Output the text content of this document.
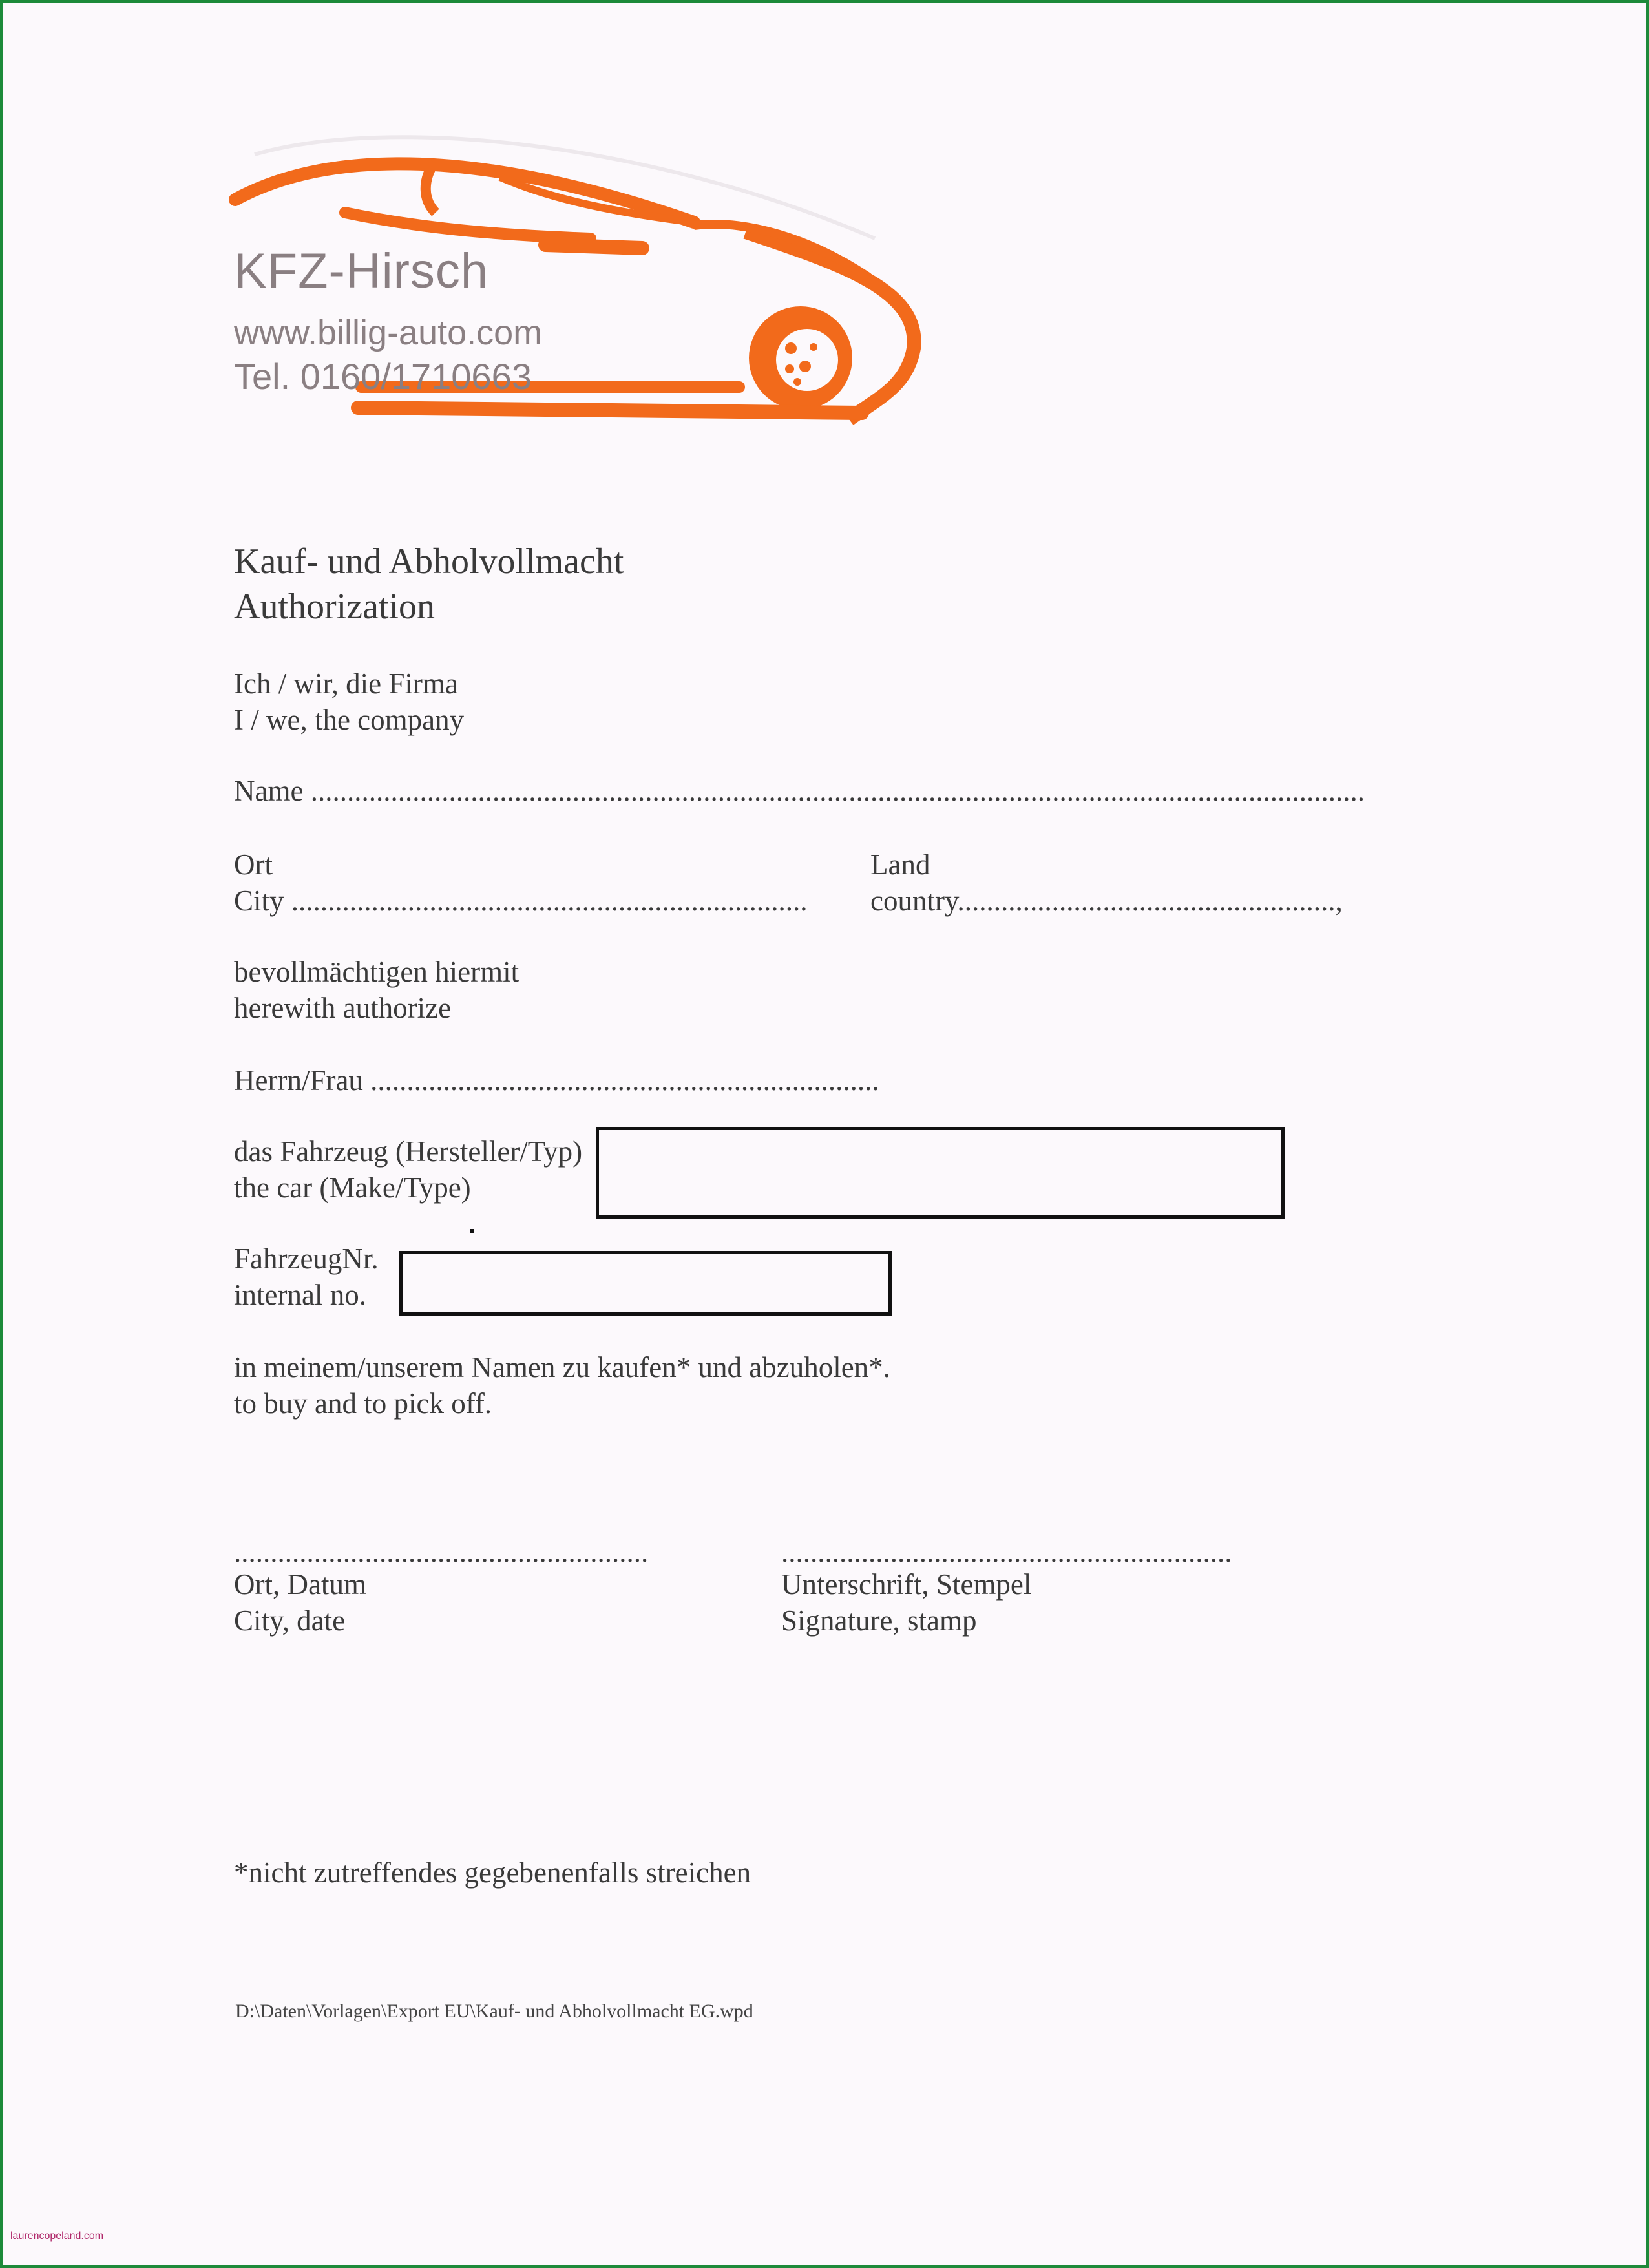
KFZ-Hirsch
www.billig-auto.com
Tel. 0160/1710663
Kauf- und Abholvollmacht
Authorization
Ich / wir, die Firma
I / we, the company
Name .................................................................................................................................................
Ort
City .......................................................................
Land
country....................................................,
bevollmächtigen hiermit
herewith authorize
Herrn/Frau ......................................................................
das Fahrzeug (Hersteller/Typ)
the car (Make/Type)
FahrzeugNr.
internal no.
in meinem/unserem Namen zu kaufen* und abzuholen*.
to buy and to pick off.
.........................................................
Ort, Datum
City, date
..............................................................
Unterschrift, Stempel
Signature, stamp
*nicht zutreffendes gegebenenfalls streichen
D:\Daten\Vorlagen\Export EU\Kauf- und Abholvollmacht EG.wpd
laurencopeland.com
